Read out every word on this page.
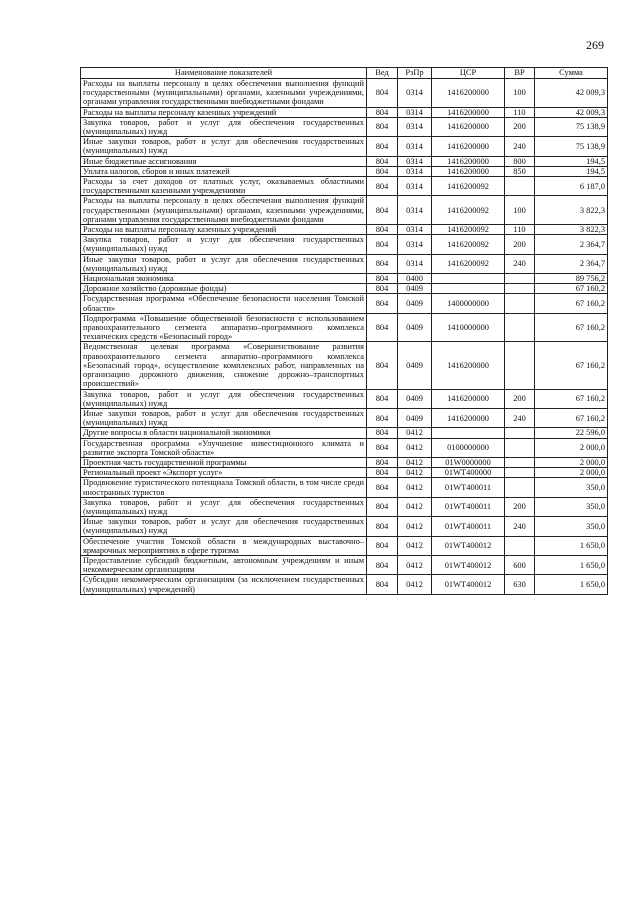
269
Наименование показателей	Вед	РзПр	ЦСР	ВР	Сумма
Расходы на выплаты персоналу в целях обеспечения выполнения функций государственными (муниципальными) органами, казенными учреждениями, органами управления государственными внебюджетными фондами	804	0314	1416200000	100	42 009,3
Расходы на выплаты персоналу казенных учреждений	804	0314	1416200000	110	42 009,3
Закупка товаров, работ и услуг для обеспечения государственных (муниципальных) нужд	804	0314	1416200000	200	75 138,9
Иные закупки товаров, работ и услуг для обеспечения государственных (муниципальных) нужд	804	0314	1416200000	240	75 138,9
Иные бюджетные ассигнования	804	0314	1416200000	800	194,5
Уплата налогов, сборов и иных платежей	804	0314	1416200000	850	194,5
Расходы за счет доходов от платных услуг, оказываемых областными государственными казенными учреждениями	804	0314	1416200092		6 187,0
Расходы на выплаты персоналу в целях обеспечения выполнения функций государственными (муниципальными) органами, казенными учреждениями, органами управления государственными внебюджетными фондами	804	0314	1416200092	100	3 822,3
Расходы на выплаты персоналу казенных учреждений	804	0314	1416200092	110	3 822,3
Закупка товаров, работ и услуг для обеспечения государственных (муниципальных) нужд	804	0314	1416200092	200	2 364,7
Иные закупки товаров, работ и услуг для обеспечения государственных (муниципальных) нужд	804	0314	1416200092	240	2 364,7
Национальная экономика	804	0400			89 756,2
Дорожное хозяйство (дорожные фонды)	804	0409			67 160,2
Государственная программа «Обеспечение безопасности населения Томской области»	804	0409	1400000000		67 160,2
Подпрограмма «Повышение общественной безопасности с использованием правоохранительного сегмента аппаратно–программного комплекса технических средств «Безопасный город»	804	0409	1410000000		67 160,2
Ведомственная целевая программа «Совершенствование развития правоохранительного сегмента аппаратно–программного комплекса «Безопасный город», осуществление комплексных работ, направленных на организацию дорожного движения, снижение дорожно–транспортных происшествий»	804	0409	1416200000		67 160,2
Закупка товаров, работ и услуг для обеспечения государственных (муниципальных) нужд	804	0409	1416200000	200	67 160,2
Иные закупки товаров, работ и услуг для обеспечения государственных (муниципальных) нужд	804	0409	1416200000	240	67 160,2
Другие вопросы в области национальной экономики	804	0412			22 596,0
Государственная программа «Улучшение инвестиционного климата и развитие экспорта Томской области»	804	0412	0100000000		2 000,0
Проектная часть государственной программы	804	0412	01W0000000		2 000,0
Региональный проект «Экспорт услуг»	804	0412	01WT400000		2 000,0
Продвижение туристического потенциала Томской области, в том числе среди иностранных туристов	804	0412	01WT400011		350,0
Закупка товаров, работ и услуг для обеспечения государственных (муниципальных) нужд	804	0412	01WT400011	200	350,0
Иные закупки товаров, работ и услуг для обеспечения государственных (муниципальных) нужд	804	0412	01WT400011	240	350,0
Обеспечение участия Томской области в международных выставочно–ярмарочных мероприятиях в сфере туризма	804	0412	01WT400012		1 650,0
Предоставление субсидий бюджетным, автономным учреждениям и иным некоммерческим организациям	804	0412	01WT400012	600	1 650,0
Субсидии некоммерческим организациям (за исключением государственных (муниципальных) учреждений)	804	0412	01WT400012	630	1 650,0
